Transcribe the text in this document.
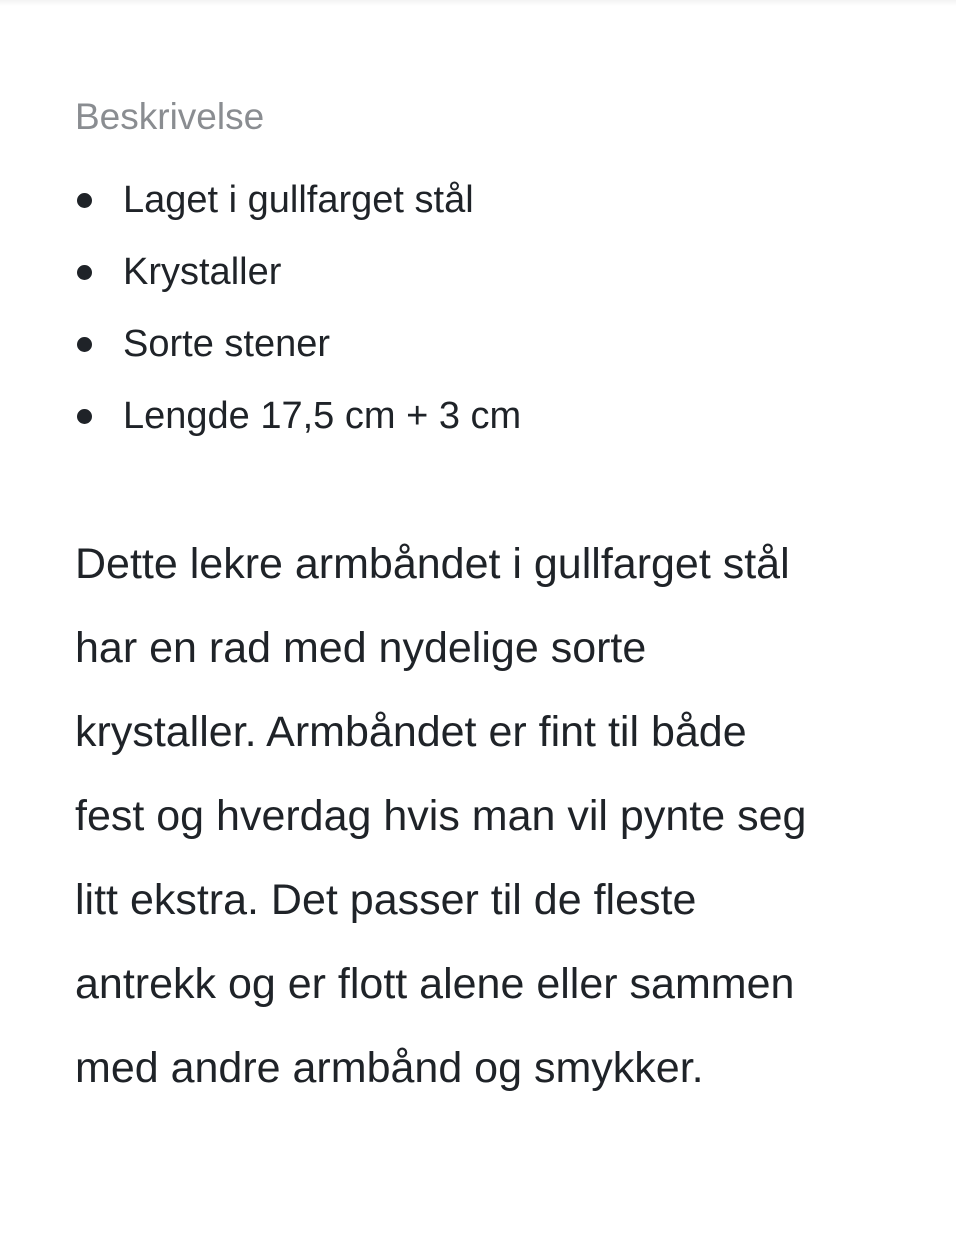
Beskrivelse
Laget i gullfarget stål
Krystaller
Sorte stener
Lengde 17,5 cm + 3 cm

Dette lekre armbåndet i gullfarget stål
har en rad med nydelige sorte
krystaller. Armbåndet er fint til både
fest og hverdag hvis man vil pynte seg
litt ekstra. Det passer til de fleste
antrekk og er flott alene eller sammen
med andre armbånd og smykker.
